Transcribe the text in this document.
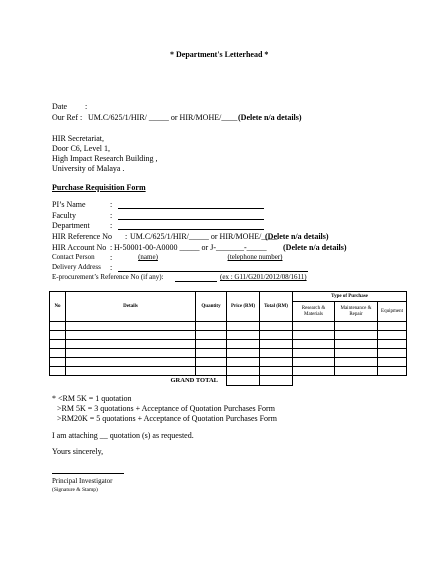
* Department's Letterhead *
Date :
Our Ref : UM.C/625/1/HIR/ _____ or HIR/MOHE/____ (Delete n/a details)
HIR Secretariat,
Door C6, Level 1,
High Impact Research Building ,
University of Malaya .
Purchase Requisition Form
PI’s Name	:
Faculty	:
Department	:
HIR Reference No : UM.C/625/1/HIR/_____ or HIR/MOHE/____
(Delete n/a details)
HIR Account No : H-50001-00-A0000 _____ or J-_______-_____ (Delete n/a details)
Contact Person :	(name)	(telephone number)
Delivery Address :
E-procurement’s Reference No (if any):	(ex : G11/G201/2012/08/1611)
No	Details	Quantity	Price (RM)	Total (RM)	Type of Purchase		
					Research & Materials	Maintenance & Repair	Equipment

	GRAND TOTAL						
* <RM 5K = 1 quotation
>RM 5K = 3 quotations + Acceptance of Quotation Purchases Form
>RM20K = 5 quotations + Acceptance of Quotation Purchases Form
I am attaching __ quotation (s) as requested.
Yours sincerely,
Principal Investigator
(Signature & Stamp)
